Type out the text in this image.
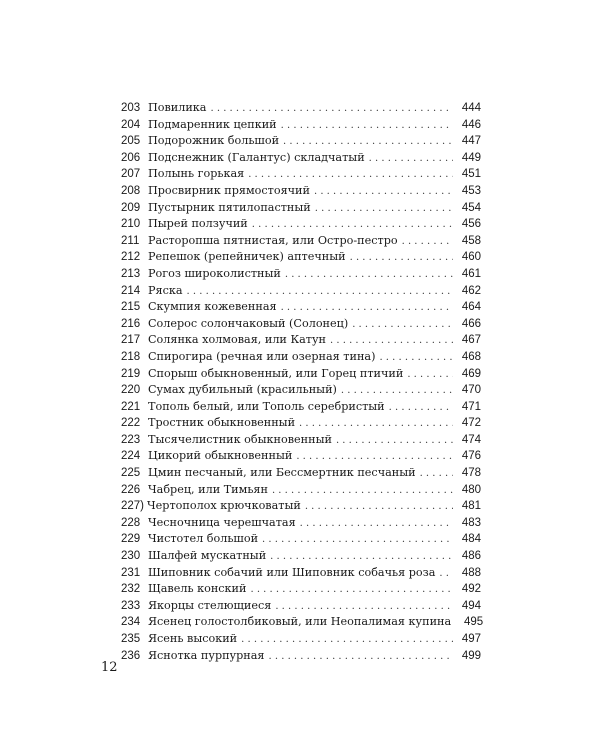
203 Повилика . . .	444
204 Подмаренник цепкий . . .	446
205 Подорожник большой . . .	447
206 Подснежник (Галантус) складчатый . . .	449
207 Полынь горькая . . .	451
208 Просвирник прямостоячий . . .	453
209 Пустырник пятилопастный . . .	454
210 Пырей ползучий . . .	456
211 Расторопша пятнистая, или Остро-пестро . . .	458
212 Репешок (репейничек) аптечный . . .	460
213 Рогоз широколистный . . .	461
214 Ряска . . .	462
215 Скумпия кожевенная . . .	464
216 Солерос солончаковый (Солонец) . . .	466
217 Солянка холмовая, или Катун . . .	467
218 Спирогира (речная или озерная тина) . . .	468
219 Спорыш обыкновенный, или Горец птичий . . .	469
220 Сумах дубильный (красильный) . . .	470
221 Тополь белый, или Тополь серебристый . . .	471
222 Тростник обыкновенный . . .	472
223 Тысячелистник обыкновенный . . .	474
224 Цикорий обыкновенный . . .	476
225 Цмин песчаный, или Бессмертник песчаный . . .	478
226 Чабрец, или Тимьян . . .	480
227) Чертополох крючковатый . . .	481
228 Чесночница черешчатая . . .	483
229 Чистотел большой . . .	484
230 Шалфей мускатный . . .	486
231 Шиповник собачий или Шиповник собачья роза . . .	488
232 Щавель конский . . .	492
233 Якорцы стелющиеся . . .	494
234 Ясенец голостолбиковый, или Неопалимая купина	495
235 Ясень высокий . . .	497
236 Яснотка пурпурная . . .	499
12
